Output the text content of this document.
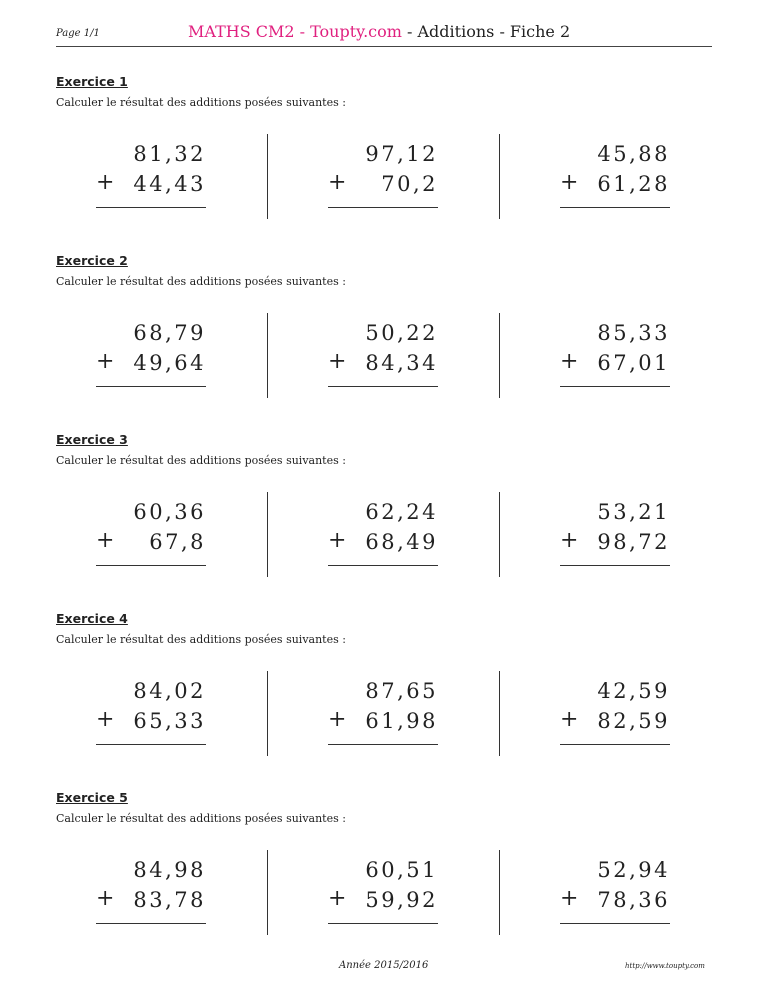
Page 1/1	MATHS CM2 - Toupty.com - Additions - Fiche 2
Exercice 1
Calculer le résultat des additions posées suivantes :
81,32
+ 44,43
97,12
+ 70,2
45,88
+ 61,28
Exercice 2
Calculer le résultat des additions posées suivantes :
68,79
+ 49,64
50,22
+ 84,34
85,33
+ 67,01
Exercice 3
Calculer le résultat des additions posées suivantes :
60,36
+ 67,8
62,24
+ 68,49
53,21
+ 98,72
Exercice 4
Calculer le résultat des additions posées suivantes :
84,02
+ 65,33
87,65
+ 61,98
42,59
+ 82,59
Exercice 5
Calculer le résultat des additions posées suivantes :
84,98
+ 83,78
60,51
+ 59,92
52,94
+ 78,36
Année 2015/2016	http://www.toupty.com
